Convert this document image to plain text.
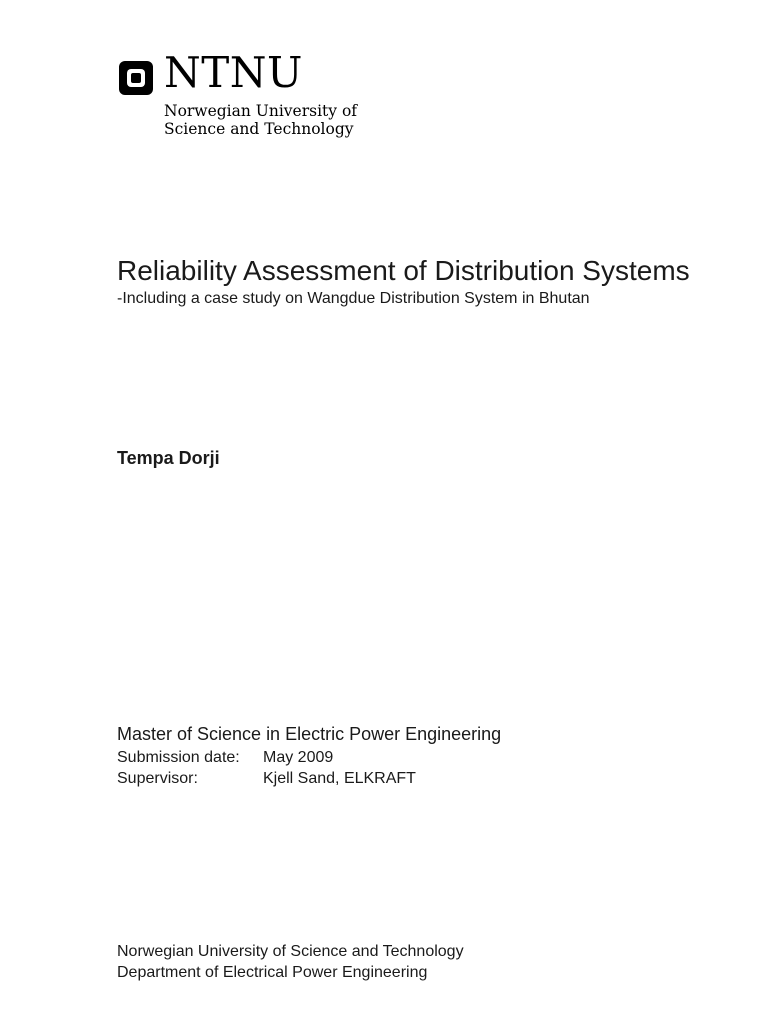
NTNU
Norwegian University of
Science and Technology
Reliability Assessment of Distribution Systems

-Including a case study on Wangdue Distribution System in Bhutan

Tempa Dorji
Master of Science in Electric Power Engineering
Submission date:	May 2009
Supervisor:	Kjell Sand, ELKRAFT
Norwegian University of Science and Technology
Department of Electrical Power Engineering
